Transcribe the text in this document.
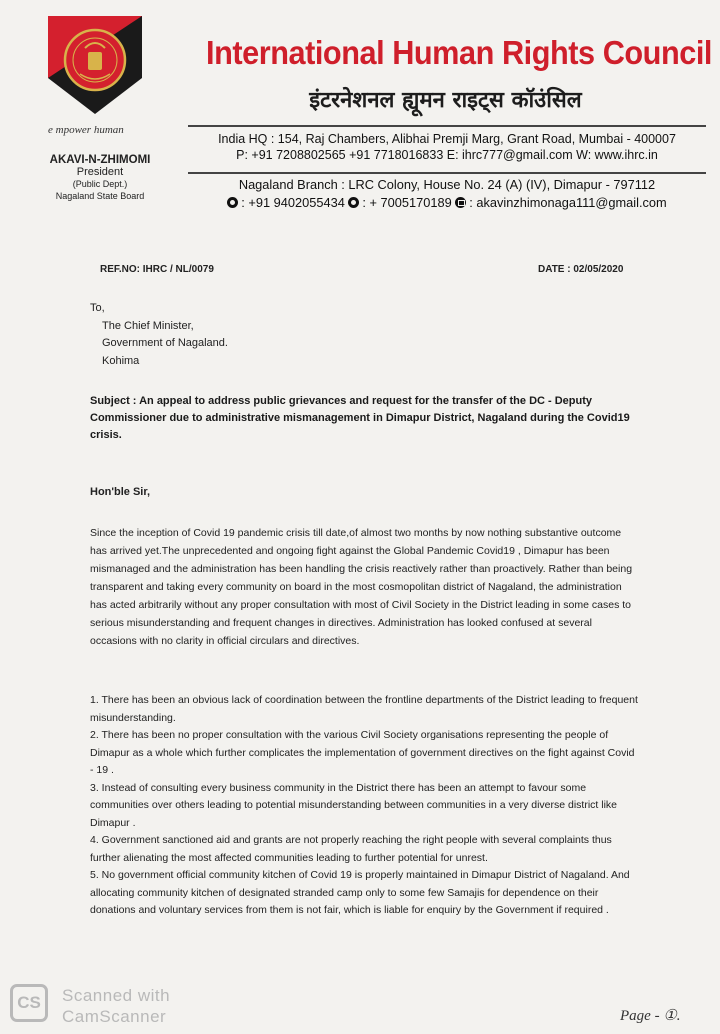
e mpower human
AKAVI-N-ZHIMOMI
President
(Public Dept.)
Nagaland State Board
International Human Rights Council
इंटरनेशनल ह्यूमन राइट्स कॉउंसिल
India HQ : 154, Raj Chambers, Alibhai Premji Marg, Grant Road, Mumbai - 400007
P: +91 7208802565 +91 7718016833 E: ihrc777@gmail.com W: www.ihrc.in
Nagaland Branch : LRC Colony, House No. 24 (A) (IV), Dimapur - 797112
: +91 9402055434 : + 7005170189 : akavinzhimonaga111@gmail.com
REF.NO: IHRC / NL/0079	DATE : 02/05/2020
To,
The Chief Minister,
Government of Nagaland.
Kohima
Subject : An appeal to address public grievances and request for the transfer of the DC - Deputy Commissioner due to administrative mismanagement in Dimapur District, Nagaland during the Covid19 crisis.
Hon'ble Sir,
Since the inception of Covid 19 pandemic crisis till date,of almost two months by now nothing substantive outcome has arrived yet.The unprecedented and ongoing fight against the Global Pandemic Covid19 , Dimapur has been mismanaged and the administration has been handling the crisis reactively rather than proactively. Rather than being transparent and taking every community on board in the most cosmopolitan district of Nagaland, the administration has acted arbitrarily without any proper consultation with most of Civil Society in the District leading in some cases to serious misunderstanding and frequent changes in directives. Administration has looked confused at several occasions with no clarity in official circulars and directives.

1. There has been an obvious lack of coordination between the frontline departments of the District leading to frequent misunderstanding.

2. There has been no proper consultation with the various Civil Society organisations representing the people of Dimapur as a whole which further complicates the implementation of government directives on the fight against Covid - 19 .

3. Instead of consulting every business community in the District there has been an attempt to favour some communities over others leading to potential misunderstanding between communities in a very diverse district like Dimapur .

4. Government sanctioned aid and grants are not properly reaching the right people with several complaints thus further alienating the most affected communities leading to further potential for unrest.

5. No government official community kitchen of Covid 19 is properly maintained in Dimapur District of Nagaland. And allocating community kitchen of designated stranded camp only to some few Samajis for dependence on their donations and voluntary services from them is not fair, which is liable for enquiry by the Government if required .

CS	Scanned with
CamScanner	Page - ①.
